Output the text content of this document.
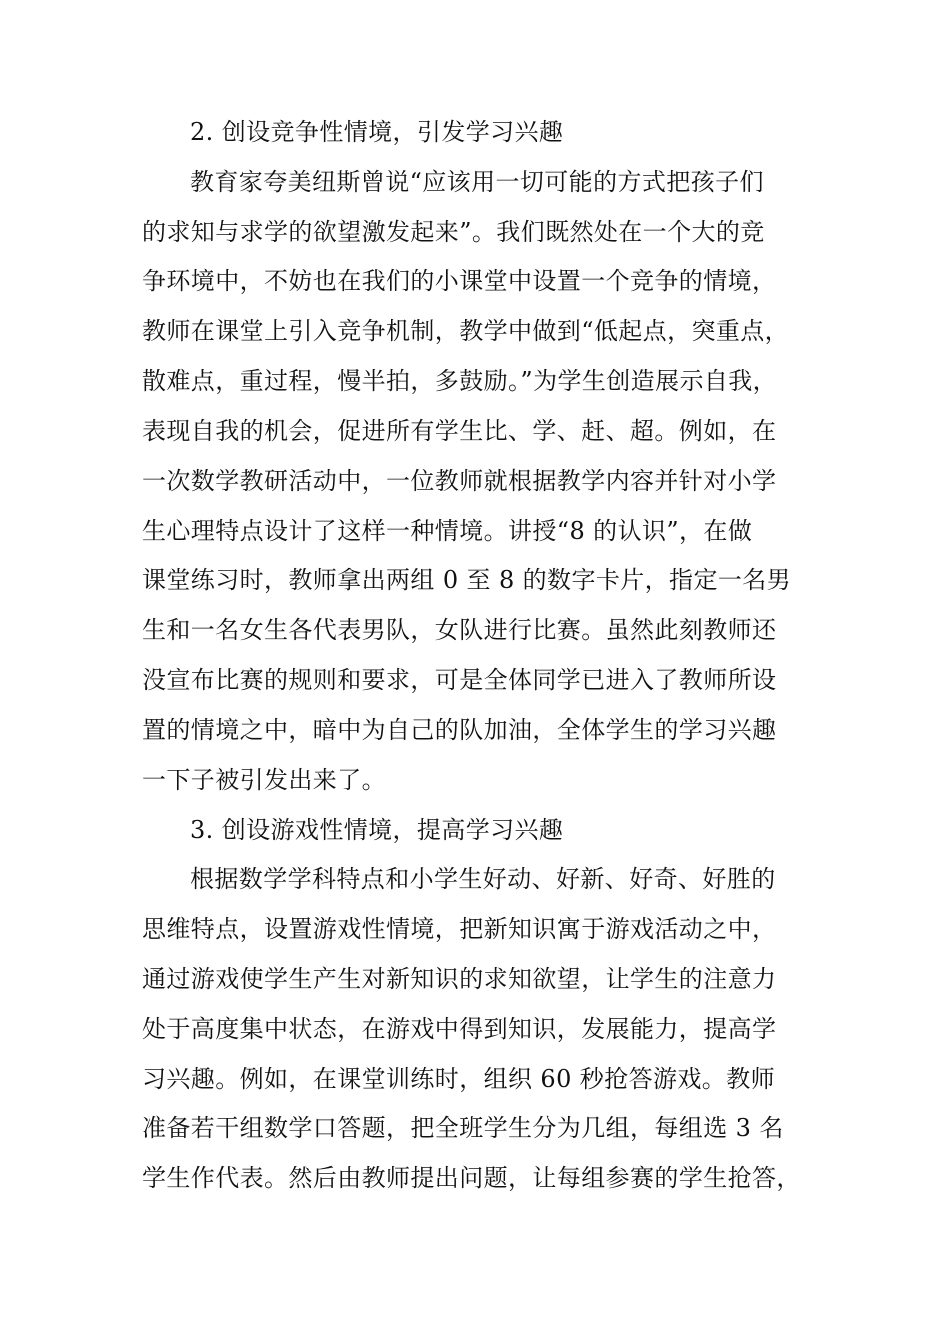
2. 创设竞争性情境，引发学习兴趣

教育家夸美纽斯曾说“应该用一切可能的方式把孩子们

的求知与求学的欲望激发起来”。我们既然处在一个大的竞

争环境中，不妨也在我们的小课堂中设置一个竞争的情境，

教师在课堂上引入竞争机制，教学中做到“低起点，突重点，

散难点，重过程，慢半拍，多鼓励。”为学生创造展示自我，

表现自我的机会，促进所有学生比、学、赶、超。例如，在

一次数学教研活动中，一位教师就根据教学内容并针对小学

生心理特点设计了这样一种情境。讲授“8 的认识”，在做

课堂练习时，教师拿出两组 0 至 8 的数字卡片，指定一名男

生和一名女生各代表男队，女队进行比赛。虽然此刻教师还

没宣布比赛的规则和要求，可是全体同学已进入了教师所设

置的情境之中，暗中为自己的队加油，全体学生的学习兴趣

一下子被引发出来了。

3. 创设游戏性情境，提高学习兴趣

根据数学学科特点和小学生好动、好新、好奇、好胜的

思维特点，设置游戏性情境，把新知识寓于游戏活动之中，

通过游戏使学生产生对新知识的求知欲望，让学生的注意力

处于高度集中状态，在游戏中得到知识，发展能力，提高学

习兴趣。例如，在课堂训练时，组织 60 秒抢答游戏。教师

准备若干组数学口答题，把全班学生分为几组，每组选 3 名

学生作代表。然后由教师提出问题，让每组参赛的学生抢答，
